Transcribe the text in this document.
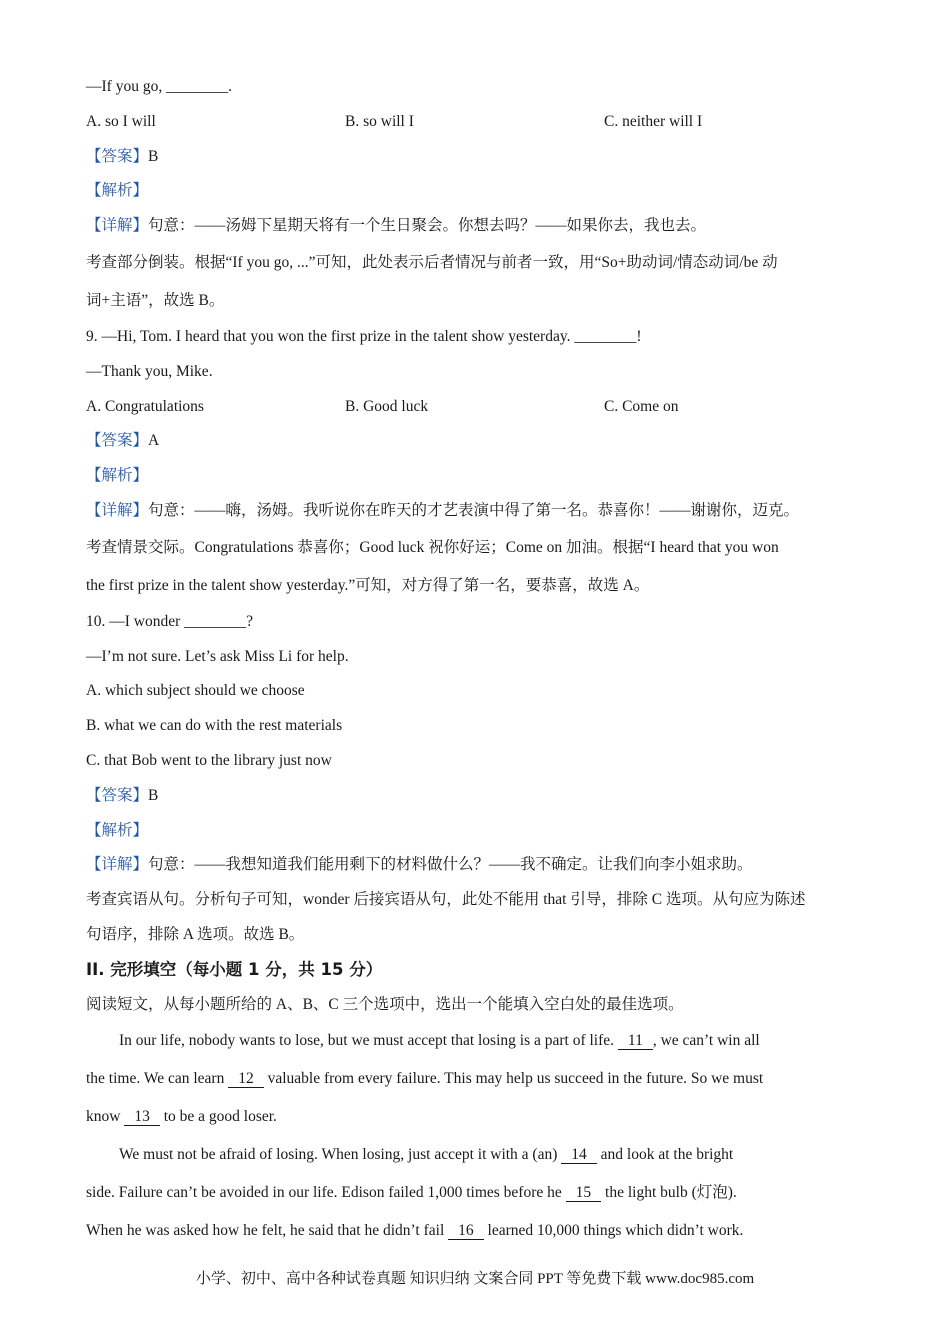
—If you go, ________.
A. so I will	B. so will I	C. neither will I
【答案】B
【解析】
【详解】句意：——汤姆下星期天将有一个生日聚会。你想去吗？——如果你去，我也去。
考查部分倒装。根据“If you go, ...”可知，此处表示后者情况与前者一致，用“So+助动词/情态动词/be 动
词+主语”，故选 B。
9. —Hi, Tom. I heard that you won the first prize in the talent show yesterday. ________!
—Thank you, Mike.
A. Congratulations	B. Good luck	C. Come on
【答案】A
【解析】
【详解】句意：——嗨，汤姆。我听说你在昨天的才艺表演中得了第一名。恭喜你！——谢谢你，迈克。
考查情景交际。Congratulations 恭喜你；Good luck 祝你好运；Come on 加油。根据“I heard that you won
the first prize in the talent show yesterday.”可知，对方得了第一名，要恭喜，故选 A。
10. —I wonder ________?
—I’m not sure. Let’s ask Miss Li for help.
A. which subject should we choose
B. what we can do with the rest materials
C. that Bob went to the library just now
【答案】B
【解析】
【详解】句意：——我想知道我们能用剩下的材料做什么？——我不确定。让我们向李小姐求助。
考查宾语从句。分析句子可知，wonder 后接宾语从句，此处不能用 that 引导，排除 C 选项。从句应为陈述
句语序，排除 A 选项。故选 B。
II. 完形填空（每小题 1 分，共 15 分）
阅读短文，从每小题所给的 A、B、C 三个选项中，选出一个能填入空白处的最佳选项。
In our life, nobody wants to lose, but we must accept that losing is a part of life. 11 , we can’t win all
the time. We can learn 12 valuable from every failure. This may help us succeed in the future. So we must
know 13 to be a good loser.
We must not be afraid of losing. When losing, just accept it with a (an) 14 and look at the bright
side. Failure can’t be avoided in our life. Edison failed 1,000 times before he 15 the light bulb (灯泡).
When he was asked how he felt, he said that he didn’t fail 16 learned 10,000 things which didn’t work.
小学、初中、高中各种试卷真题 知识归纳 文案合同 PPT 等免费下载 www.doc985.com
